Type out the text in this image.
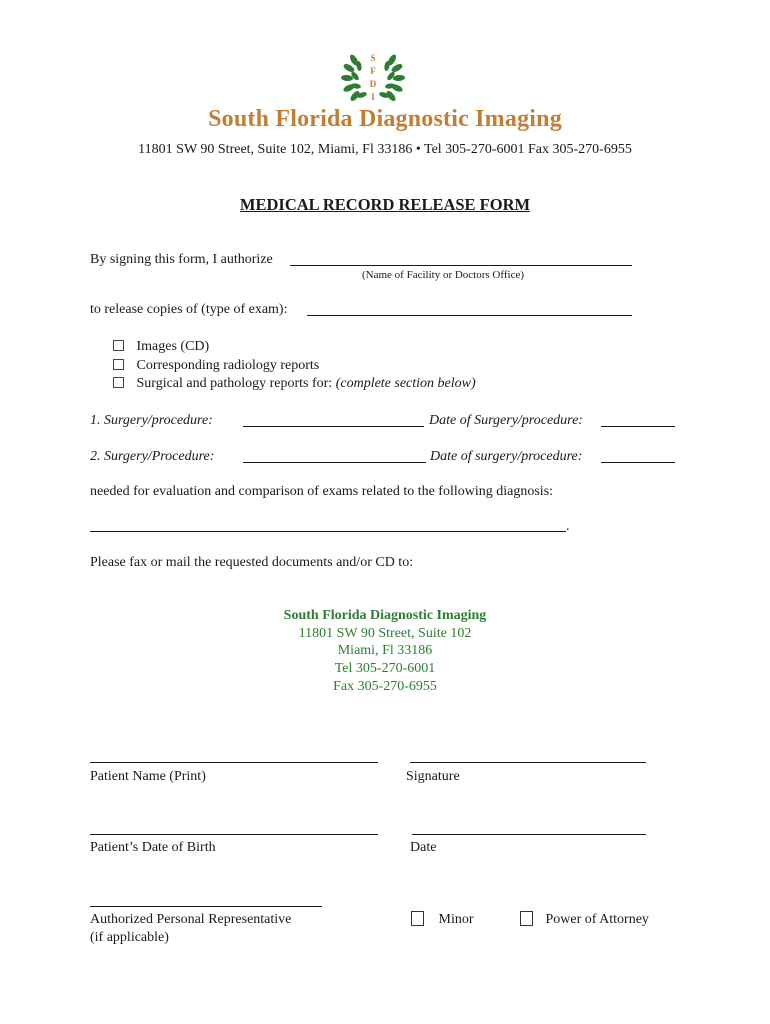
S
F
D
I
South Florida Diagnostic Imaging
11801 SW 90 Street, Suite 102, Miami, Fl 33186 • Tel 305-270-6001 Fax 305-270-6955
MEDICAL RECORD RELEASE FORM
By signing this form, I authorize
(Name of Facility or Doctors Office)
to release copies of (type of exam):
Images (CD)
Corresponding radiology reports
Surgical and pathology reports for: (complete section below)
1. Surgery/procedure:	Date of Surgery/procedure:
2. Surgery/Procedure:	Date of surgery/procedure:
needed for evaluation and comparison of exams related to the following diagnosis:
.
Please fax or mail the requested documents and/or CD to:
South Florida Diagnostic Imaging
11801 SW 90 Street, Suite 102
Miami, Fl 33186
Tel 305-270-6001
Fax 305-270-6955
Patient Name (Print)	Signature
Patient’s Date of Birth	Date
Authorized Personal Representative
(if applicable)
Minor	Power of Attorney
